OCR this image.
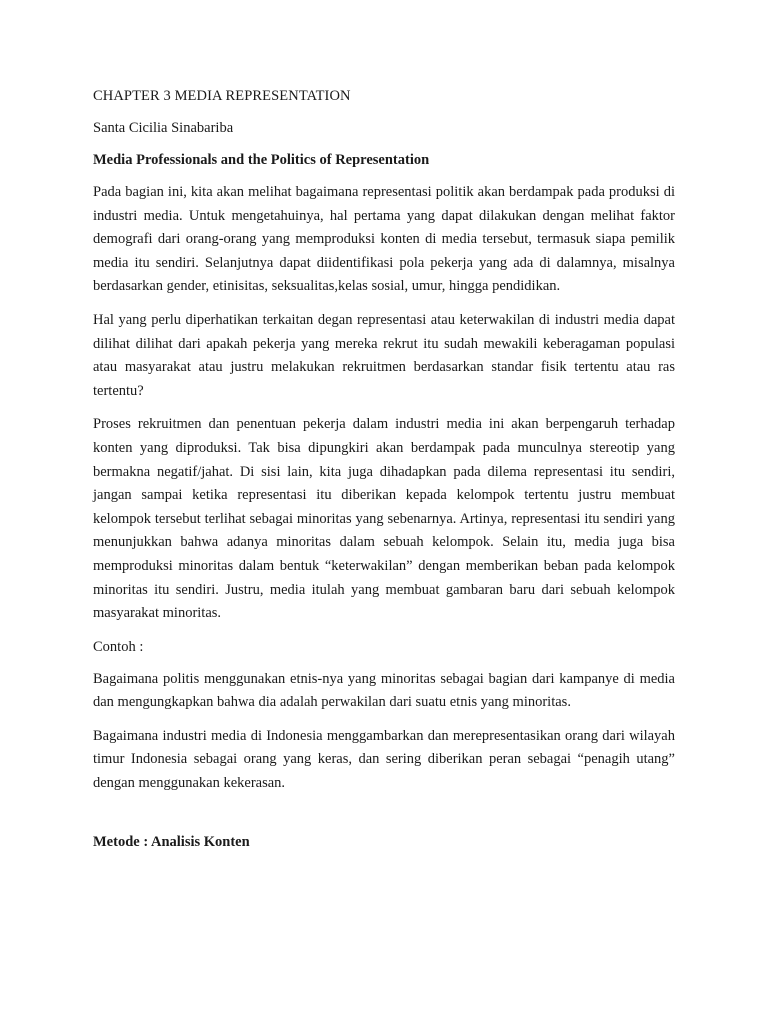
CHAPTER 3 MEDIA REPRESENTATION

Santa Cicilia Sinabariba

Media Professionals and the Politics of Representation

Pada bagian ini, kita akan melihat bagaimana representasi politik akan berdampak pada produksi di industri media. Untuk mengetahuinya, hal pertama yang dapat dilakukan dengan melihat faktor demografi dari orang-orang yang memproduksi konten di media tersebut, termasuk siapa pemilik media itu sendiri. Selanjutnya dapat diidentifikasi pola pekerja yang ada di dalamnya, misalnya berdasarkan gender, etinisitas, seksualitas,kelas sosial, umur, hingga pendidikan.

Hal yang perlu diperhatikan terkaitan degan representasi atau keterwakilan di industri media dapat dilihat dilihat dari apakah pekerja yang mereka rekrut itu sudah mewakili keberagaman populasi atau masyarakat atau justru melakukan rekruitmen berdasarkan standar fisik tertentu atau ras tertentu?

Proses rekruitmen dan penentuan pekerja dalam industri media ini akan berpengaruh terhadap konten yang diproduksi. Tak bisa dipungkiri akan berdampak pada munculnya stereotip yang bermakna negatif/jahat. Di sisi lain, kita juga dihadapkan pada dilema representasi itu sendiri, jangan sampai ketika representasi itu diberikan kepada kelompok tertentu justru membuat kelompok tersebut terlihat sebagai minoritas yang sebenarnya. Artinya, representasi itu sendiri yang menunjukkan bahwa adanya minoritas dalam sebuah kelompok. Selain itu, media juga bisa memproduksi minoritas dalam bentuk “keterwakilan” dengan memberikan beban pada kelompok minoritas itu sendiri. Justru, media itulah yang membuat gambaran baru dari sebuah kelompok masyarakat minoritas.

Contoh :

Bagaimana politis menggunakan etnis-nya yang minoritas sebagai bagian dari kampanye di media dan mengungkapkan bahwa dia adalah perwakilan dari suatu etnis yang minoritas.

Bagaimana industri media di Indonesia menggambarkan dan merepresentasikan orang dari wilayah timur Indonesia sebagai orang yang keras, dan sering diberikan peran sebagai “penagih utang” dengan menggunakan kekerasan.

Metode : Analisis Konten
